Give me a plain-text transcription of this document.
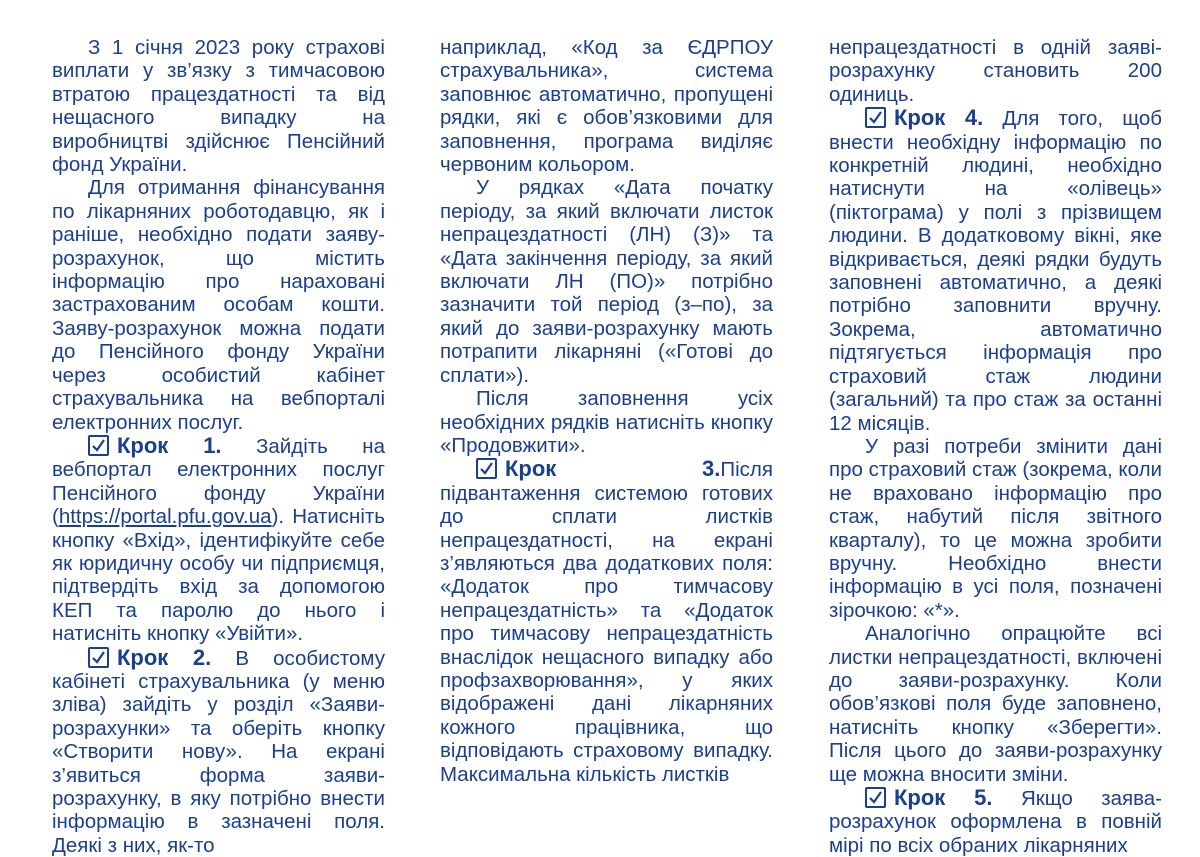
З 1 січня 2023 року страхові виплати у зв’язку з тимчасовою втратою працездатності та від нещасного випадку на виробництві здійснює Пенсійний фонд України.

Для отримання фінансування по лікарняних роботодавцю, як і раніше, необхідно подати заяву-розрахунок, що містить інформацію про нараховані застрахованим особам кошти. Заяву-розрахунок можна подати до Пенсійного фонду України через особистий кабінет страхувальника на вебпорталі електронних послуг.

Крок 1. Зайдіть на вебпортал електронних послуг Пенсійного фонду України (https://portal.pfu.gov.ua). Натисніть кнопку «Вхід», ідентифікуйте себе як юридичну особу чи підприємця, підтвердіть вхід за допомогою КЕП та паролю до нього і натисніть кнопку «Увійти».

Крок 2. В особистому кабінеті страхувальника (у меню зліва) зайдіть у розділ «Заяви-розрахунки» та оберіть кнопку «Створити нову». На екрані з’явиться форма заяви-розрахунку, в яку потрібно внести інформацію в зазначені поля. Деякі з них, як-то

наприклад, «Код за ЄДРПОУ страхувальника», система заповнює автоматично, пропущені рядки, які є обов’язковими для заповнення, програма виділяє червоним кольором.

У рядках «Дата початку періоду, за який включати листок непрацездатності (ЛН) (З)» та «Дата закінчення періоду, за який включати ЛН (ПО)» потрібно зазначити той період (з–по), за який до заяви-розрахунку мають потрапити лікарняні («Готові до сплати»).

Після заповнення усіх необхідних рядків натисніть кнопку «Продовжити».

Крок 3.Після підвантаження системою готових до сплати листків непрацездатності, на екрані з’являються два додаткових поля: «Додаток про тимчасову непрацездатність» та «Додаток про тимчасову непрацездатність внаслідок нещасного випадку або профзахворювання», у яких відображені дані лікарняних кожного працівника, що відповідають страховому випадку. Максимальна кількість листків

непрацездатності в одній заяві-розрахунку становить 200 одиниць.

Крок 4. Для того, щоб внести необхідну інформацію по конкретній людині, необхідно натиснути на «олівець» (піктограма) у полі з прізвищем людини. В додатковому вікні, яке відкривається, деякі рядки будуть заповнені автоматично, а деякі потрібно заповнити вручну. Зокрема, автоматично підтягується інформація про страховий стаж людини (загальний) та про стаж за останні 12 місяців.

У разі потреби змінити дані про страховий стаж (зокрема, коли не враховано інформацію про стаж, набутий після звітного кварталу), то це можна зробити вручну. Необхідно внести інформацію в усі поля, позначені зірочкою: «*».

Аналогічно опрацюйте всі листки непрацездатності, включені до заяви-розрахунку. Коли обов’язкові поля буде заповнено, натисніть кнопку «Зберегти». Після цього до заяви-розрахунку ще можна вносити зміни.

Крок 5. Якщо заява-розрахунок оформлена в повній мірі по всіх обраних лікарняних
